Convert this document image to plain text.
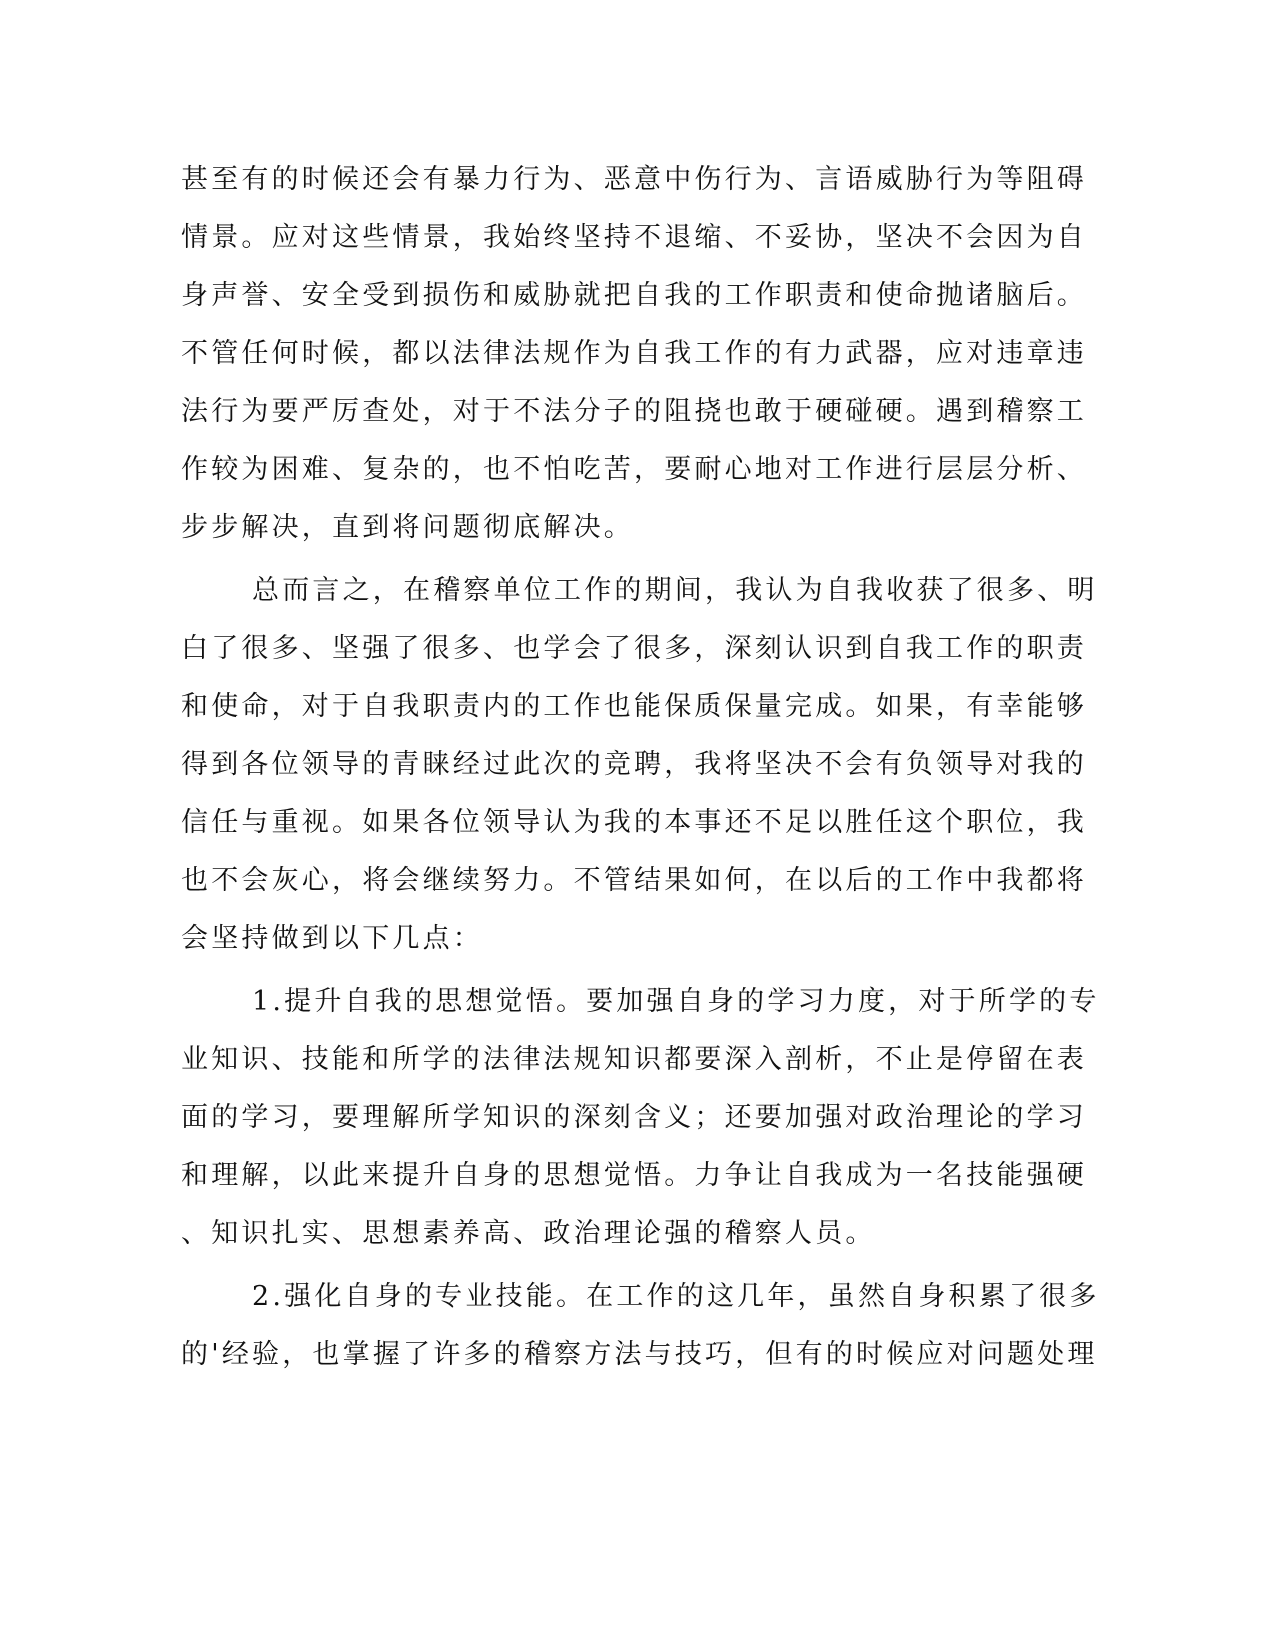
甚至有的时候还会有暴力行为、恶意中伤行为、言语威胁行为等阻碍
情景。应对这些情景，我始终坚持不退缩、不妥协，坚决不会因为自
身声誉、安全受到损伤和威胁就把自我的工作职责和使命抛诸脑后。
不管任何时候，都以法律法规作为自我工作的有力武器，应对违章违
法行为要严厉查处，对于不法分子的阻挠也敢于硬碰硬。遇到稽察工
作较为困难、复杂的，也不怕吃苦，要耐心地对工作进行层层分析、
步步解决，直到将问题彻底解决。
总而言之，在稽察单位工作的期间，我认为自我收获了很多、明
白了很多、坚强了很多、也学会了很多，深刻认识到自我工作的职责
和使命，对于自我职责内的工作也能保质保量完成。如果，有幸能够
得到各位领导的青睐经过此次的竞聘，我将坚决不会有负领导对我的
信任与重视。如果各位领导认为我的本事还不足以胜任这个职位，我
也不会灰心，将会继续努力。不管结果如何，在以后的工作中我都将
会坚持做到以下几点：
1.提升自我的思想觉悟。要加强自身的学习力度，对于所学的专
业知识、技能和所学的法律法规知识都要深入剖析，不止是停留在表
面的学习，要理解所学知识的深刻含义；还要加强对政治理论的学习
和理解，以此来提升自身的思想觉悟。力争让自我成为一名技能强硬
、知识扎实、思想素养高、政治理论强的稽察人员。
2.强化自身的专业技能。在工作的这几年，虽然自身积累了很多
的'经验，也掌握了许多的稽察方法与技巧，但有的时候应对问题处理
